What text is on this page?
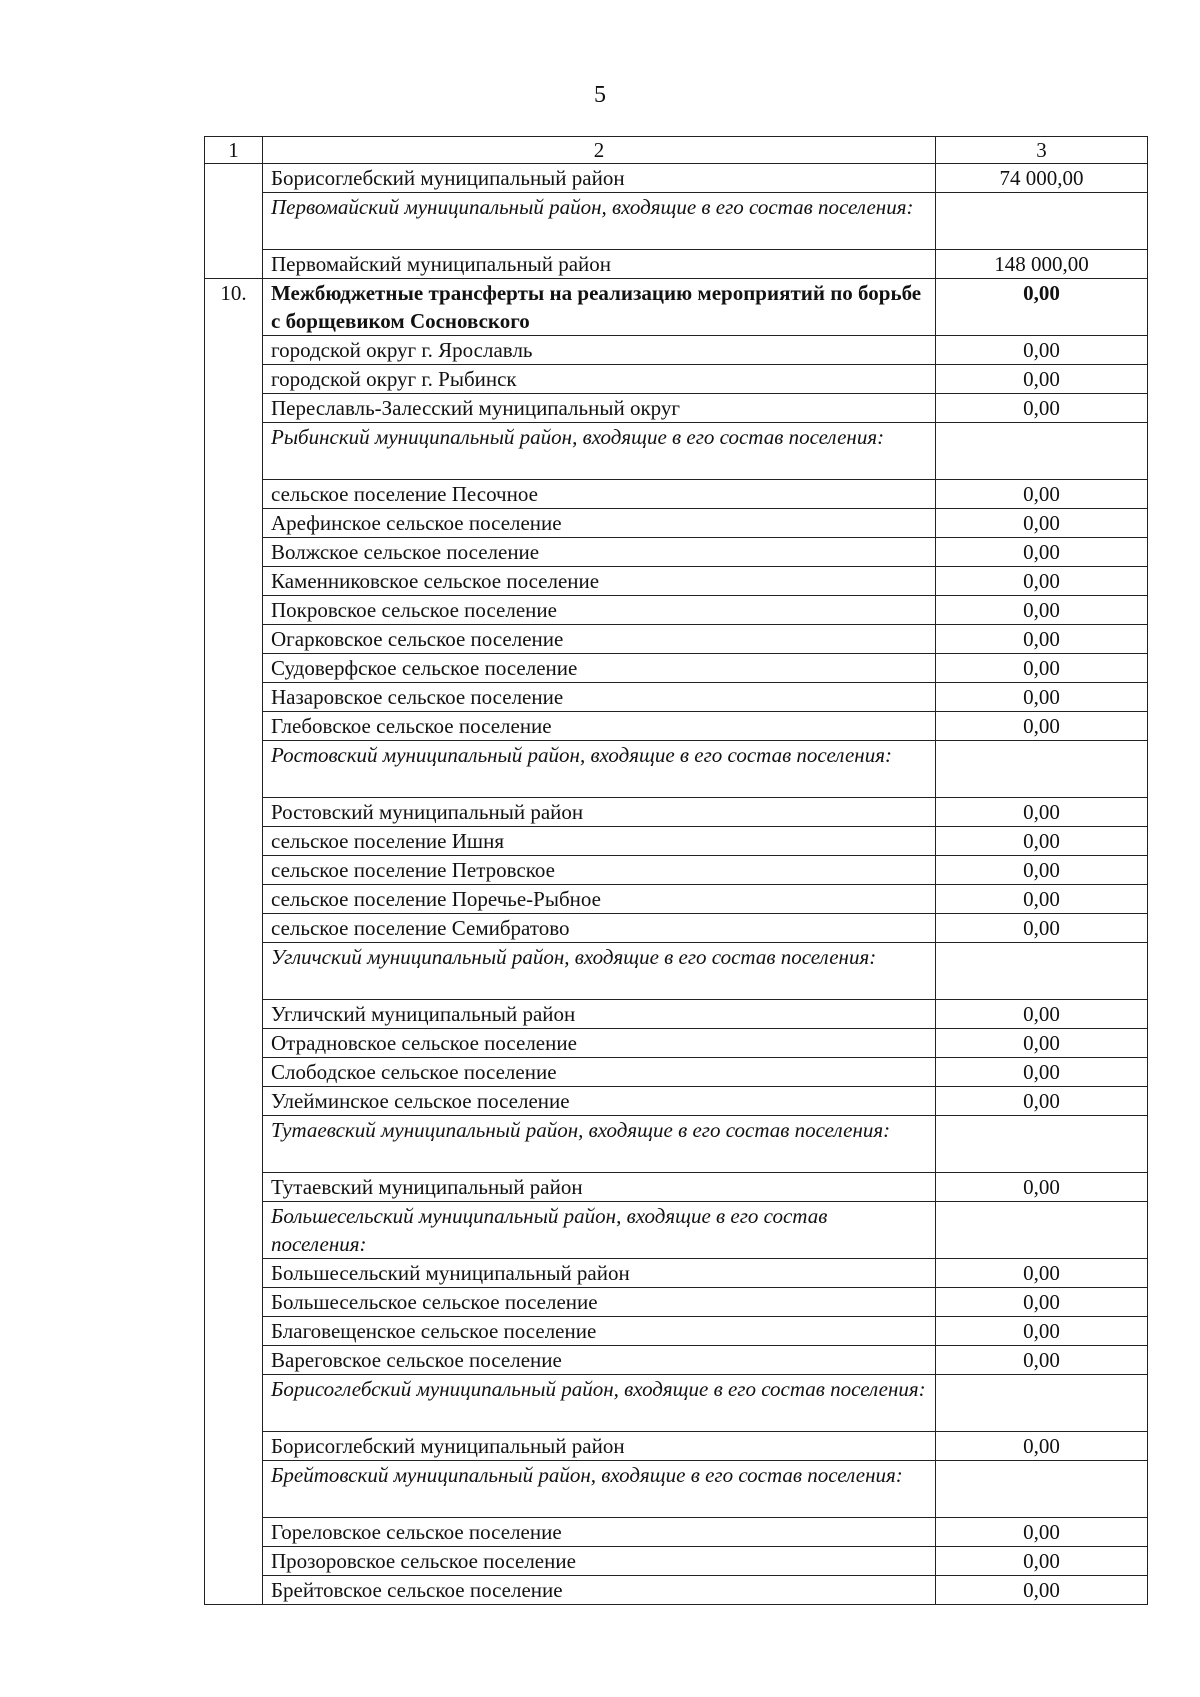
5
1	2	3
	Борисоглебский муниципальный район	74 000,00
	Первомайский муниципальный район, входящие в его состав поселения:	
	Первомайский муниципальный район	148 000,00
10.	Межбюджетные трансферты на реализацию мероприятий по борьбе с борщевиком Сосновского	0,00
	городской округ г. Ярославль	0,00
	городской округ г. Рыбинск	0,00
	Переславль-Залесский муниципальный округ	0,00
	Рыбинский муниципальный район, входящие в его состав поселения:	
	сельское поселение Песочное	0,00
	Арефинское сельское поселение	0,00
	Волжское сельское поселение	0,00
	Каменниковское сельское поселение	0,00
	Покровское сельское поселение	0,00
	Огарковское сельское поселение	0,00
	Судоверфское сельское поселение	0,00
	Назаровское сельское поселение	0,00
	Глебовское сельское поселение	0,00
	Ростовский муниципальный район, входящие в его состав поселения:	
	Ростовский муниципальный район	0,00
	сельское поселение Ишня	0,00
	сельское поселение Петровское	0,00
	сельское поселение Поречье-Рыбное	0,00
	сельское поселение Семибратово	0,00
	Угличский муниципальный район, входящие в его состав поселения:	
	Угличский муниципальный район	0,00
	Отрадновское сельское поселение	0,00
	Слободское сельское поселение	0,00
	Улейминское сельское поселение	0,00
	Тутаевский муниципальный район, входящие в его состав поселения:	
	Тутаевский муниципальный район	0,00
	Большесельский муниципальный район, входящие в его состав поселения:	
	Большесельский муниципальный район	0,00
	Большесельское сельское поселение	0,00
	Благовещенское сельское поселение	0,00
	Вареговское сельское поселение	0,00
	Борисоглебский муниципальный район, входящие в его состав поселения:	
	Борисоглебский муниципальный район	0,00
	Брейтовский муниципальный район, входящие в его состав поселения:	
	Гореловское сельское поселение	0,00
	Прозоровское сельское поселение	0,00
	Брейтовское сельское поселение	0,00
